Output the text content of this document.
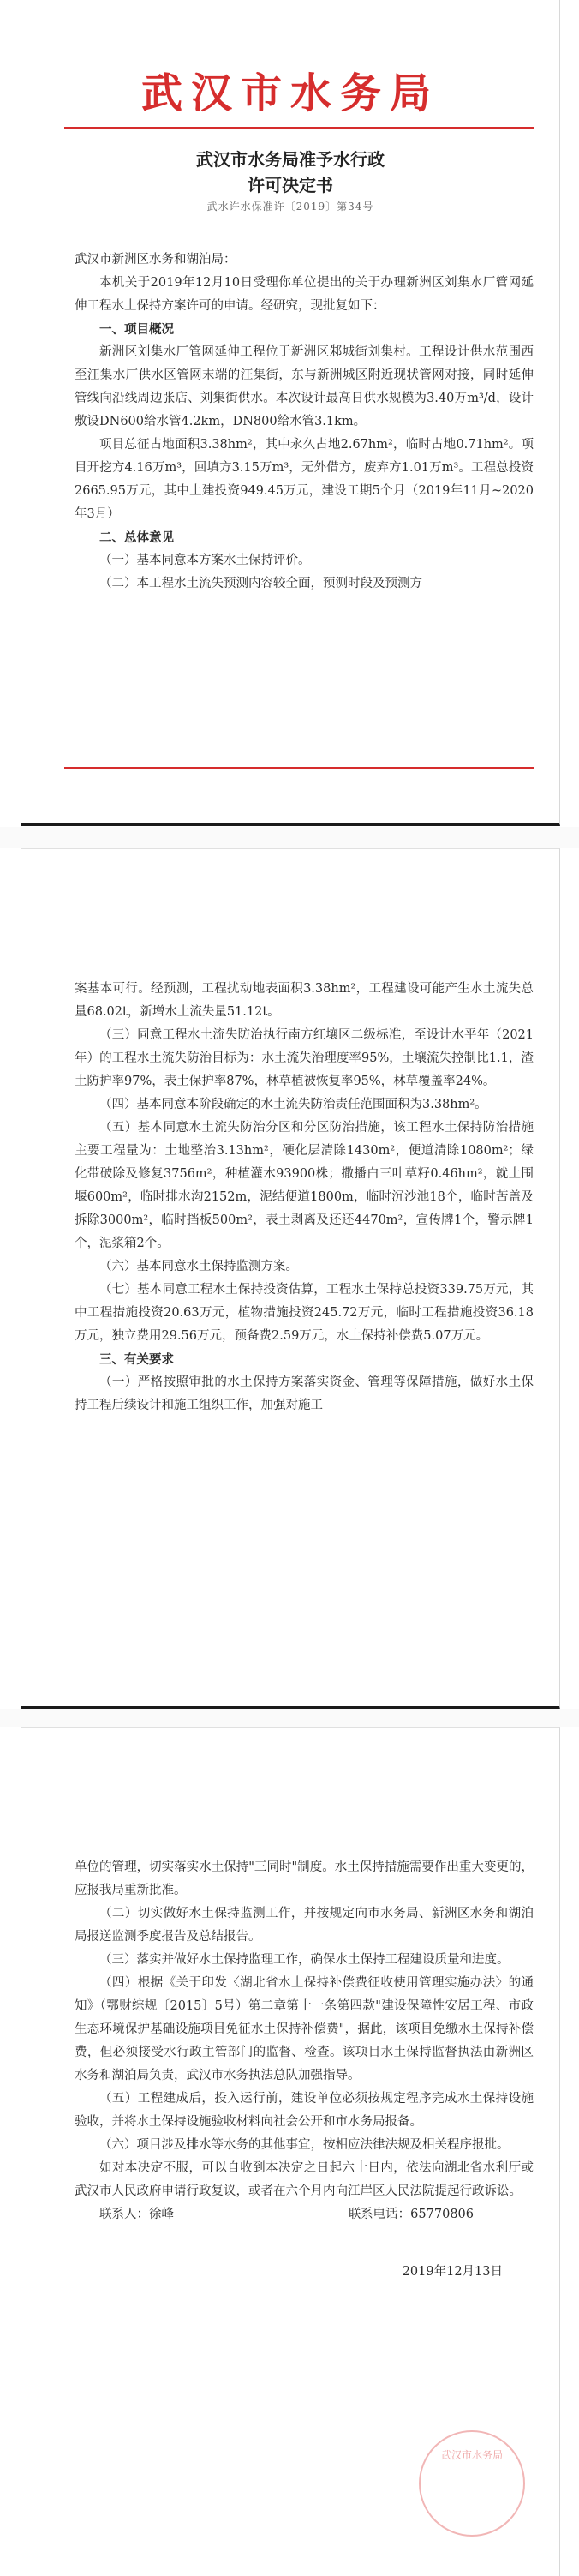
武汉市水务局
武汉市水务局准予水行政
许可决定书
武水许水保准许〔2019〕第34号

武汉市新洲区水务和湖泊局：

本机关于2019年12月10日受理你单位提出的关于办理新洲区刘集水厂管网延伸工程水土保持方案许可的申请。经研究，现批复如下：

一、项目概况

新洲区刘集水厂管网延伸工程位于新洲区邾城街刘集村。工程设计供水范围西至汪集水厂供水区管网末端的汪集街，东与新洲城区附近现状管网对接，同时延伸管线向沿线周边张店、刘集街供水。本次设计最高日供水规模为3.40万m³/d，设计敷设DN600给水管4.2km，DN800给水管3.1km。

项目总征占地面积3.38hm²，其中永久占地2.67hm²，临时占地0.71hm²。项目开挖方4.16万m³，回填方3.15万m³，无外借方，废弃方1.01万m³。工程总投资2665.95万元，其中土建投资949.45万元，建设工期5个月（2019年11月~2020年3月）

二、总体意见

（一）基本同意本方案水土保持评价。

（二）本工程水土流失预测内容较全面，预测时段及预测方

案基本可行。经预测，工程扰动地表面积3.38hm²，工程建设可能产生水土流失总量68.02t，新增水土流失量51.12t。

（三）同意工程水土流失防治执行南方红壤区二级标准，至设计水平年（2021年）的工程水土流失防治目标为：水土流失治理度率95%，土壤流失控制比1.1，渣土防护率97%，表土保护率87%，林草植被恢复率95%，林草覆盖率24%。

（四）基本同意本阶段确定的水土流失防治责任范围面积为3.38hm²。

（五）基本同意水土流失防治分区和分区防治措施，该工程水土保持防治措施主要工程量为：土地整治3.13hm²，硬化层清除1430m²，便道清除1080m²；绿化带破除及修复3756m²，种植灌木93900株；撒播白三叶草籽0.46hm²，就土围堰600m²，临时排水沟2152m，泥结便道1800m，临时沉沙池18个，临时苦盖及拆除3000m²，临时挡板500m²，表土剥离及还还4470m²，宣传牌1个，警示牌1个，泥浆箱2个。

（六）基本同意水土保持监测方案。

（七）基本同意工程水土保持投资估算，工程水土保持总投资339.75万元，其中工程措施投资20.63万元，植物措施投资245.72万元，临时工程措施投资36.18万元，独立费用29.56万元，预备费2.59万元，水土保持补偿费5.07万元。

三、有关要求

（一）严格按照审批的水土保持方案落实资金、管理等保障措施，做好水土保持工程后续设计和施工组织工作，加强对施工

单位的管理，切实落实水土保持"三同时"制度。水土保持措施需要作出重大变更的，应报我局重新批准。

（二）切实做好水土保持监测工作，并按规定向市水务局、新洲区水务和湖泊局报送监测季度报告及总结报告。

（三）落实并做好水土保持监理工作，确保水土保持工程建设质量和进度。

（四）根据《关于印发〈湖北省水土保持补偿费征收使用管理实施办法〉的通知》（鄂财综规〔2015〕5号）第二章第十一条第四款"建设保障性安居工程、市政生态环境保护基础设施项目免征水土保持补偿费"，据此，该项目免缴水土保持补偿费，但必须接受水行政主管部门的监督、检查。该项目水土保持监督执法由新洲区水务和湖泊局负责，武汉市水务执法总队加强指导。

（五）工程建成后，投入运行前，建设单位必须按规定程序完成水土保持设施验收，并将水土保持设施验收材料向社会公开和市水务局报备。

（六）项目涉及排水等水务的其他事宜，按相应法律法规及相关程序报批。

如对本决定不服，可以自收到本决定之日起六十日内，依法向湖北省水利厅或武汉市人民政府申请行政复议，或者在六个月内向江岸区人民法院提起行政诉讼。

联系人：徐峰	联系电话：65770806

2019年12月13日

武汉市水务局
